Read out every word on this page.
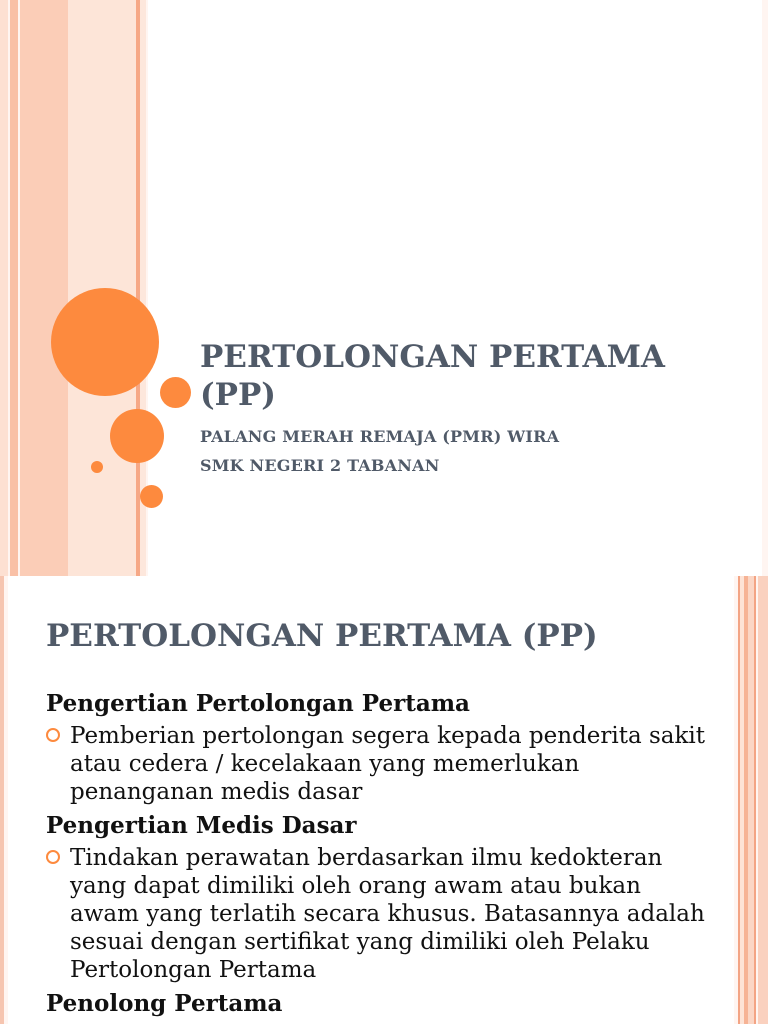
PERTOLONGAN PERTAMA
(PP)

PALANG MERAH REMAJA (PMR) WIRA

SMK NEGERI 2 TABANAN

PERTOLONGAN PERTAMA (PP)

Pengertian Pertolongan Pertama

Pemberian pertolongan segera kepada penderita sakit atau cedera / kecelakaan yang memerlukan penanganan medis dasar

Pengertian Medis Dasar

Tindakan perawatan berdasarkan ilmu kedokteran yang dapat dimiliki oleh orang awam atau bukan awam yang terlatih secara khusus. Batasannya adalah sesuai dengan sertifikat yang dimiliki oleh Pelaku Pertolongan Pertama

Penolong Pertama
